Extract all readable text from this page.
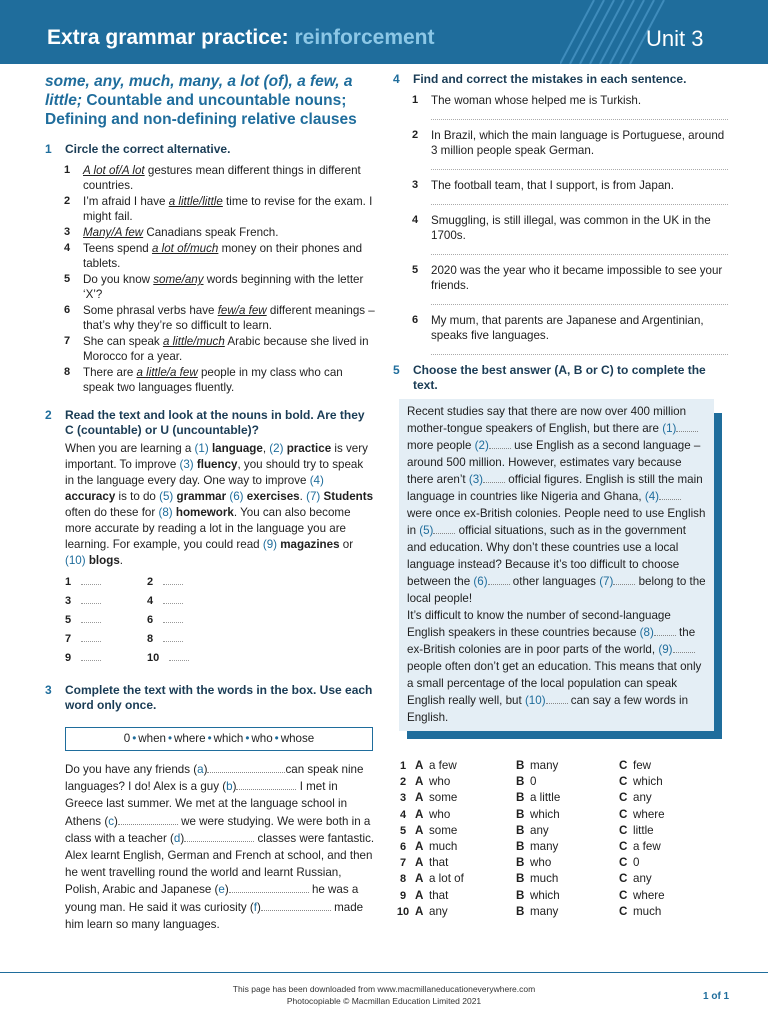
Extra grammar practice: reinforcement	Unit 3
some, any, much, many, a lot (of), a few, a little; Countable and uncountable nouns; Defining and non-defining relative clauses
1 Circle the correct alternative.
1 A lot of/A lot gestures mean different things in different countries.
2 I’m afraid I have a little/little time to revise for the exam. I might fail.
3 Many/A few Canadians speak French.
4 Teens spend a lot of/much money on their phones and tablets.
5 Do you know some/any words beginning with the letter ‘X’?
6 Some phrasal verbs have few/a few different meanings – that’s why they’re so difficult to learn.
7 She can speak a little/much Arabic because she lived in Morocco for a year.
8 There are a little/a few people in my class who can speak two languages fluently.
2 Read the text and look at the nouns in bold. Are they C (countable) or U (uncountable)?
When you are learning a (1) language, (2) practice is very important. To improve (3) fluency, you should try to speak in the language every day. One way to improve (4) accuracy is to do (5) grammar (6) exercises. (7) Students often do these for (8) homework. You can also become more accurate by reading a lot in the language you are learning. For example, you could read (9) magazines or (10) blogs.
1	2
3	4
5	6
7	8
9	10
3 Complete the text with the words in the box. Use each word only once.
0 • when • where • which • who • whose
Do you have any friends (a)	can speak nine languages? I do! Alex is a guy (b)	I met in Greece last summer. We met at the language school in Athens (c)	we were studying. We were both in a class with a teacher (d)	classes were fantastic. Alex learnt English, German and French at school, and then he went travelling round the world and learnt Russian, Polish, Arabic and Japanese (e)	he was a young man. He said it was curiosity (f)	made him learn so many languages.
4 Find and correct the mistakes in each sentence.
1 The woman whose helped me is Turkish.
2 In Brazil, which the main language is Portuguese, around 3 million people speak German.
3 The football team, that I support, is from Japan.
4 Smuggling, is still illegal, was common in the UK in the 1700s.
5 2020 was the year who it became impossible to see your friends.
6 My mum, that parents are Japanese and Argentinian, speaks five languages.
5 Choose the best answer (A, B or C) to complete the text.

Recent studies say that there are now over 400 million mother-tongue speakers of English, but there are (1) more people (2) use English as a second language – around 500 million. However, estimates vary because there aren’t (3) official figures. English is still the main language in countries like Nigeria and Ghana, (4) were once ex-British colonies. People need to use English in (5) official situations, such as in the government and education. Why don’t these countries use a local language instead? Because it’s too difficult to choose between the (6) other languages (7) belong to the local people!

It’s difficult to know the number of second-language English speakers in these countries because (8) the ex-British colonies are in poor parts of the world, (9) people often don’t get an education. This means that only a small percentage of the local population can speak English really well, but (10) can say a few words in English.

1 A a few	B many	C few
2 A who	B 0	C which
3 A some	B a little	C any
4 A who	B which	C where
5 A some	B any	C little
6 A much	B many	C a few
7 A that	B who	C 0
8 A a lot of	B much	C any
9 A that	B which	C where
10 A any	B many	C much
This page has been downloaded from www.macmillaneducationeverywhere.com
Photocopiable © Macmillan Education Limited 2021	1 of 1
